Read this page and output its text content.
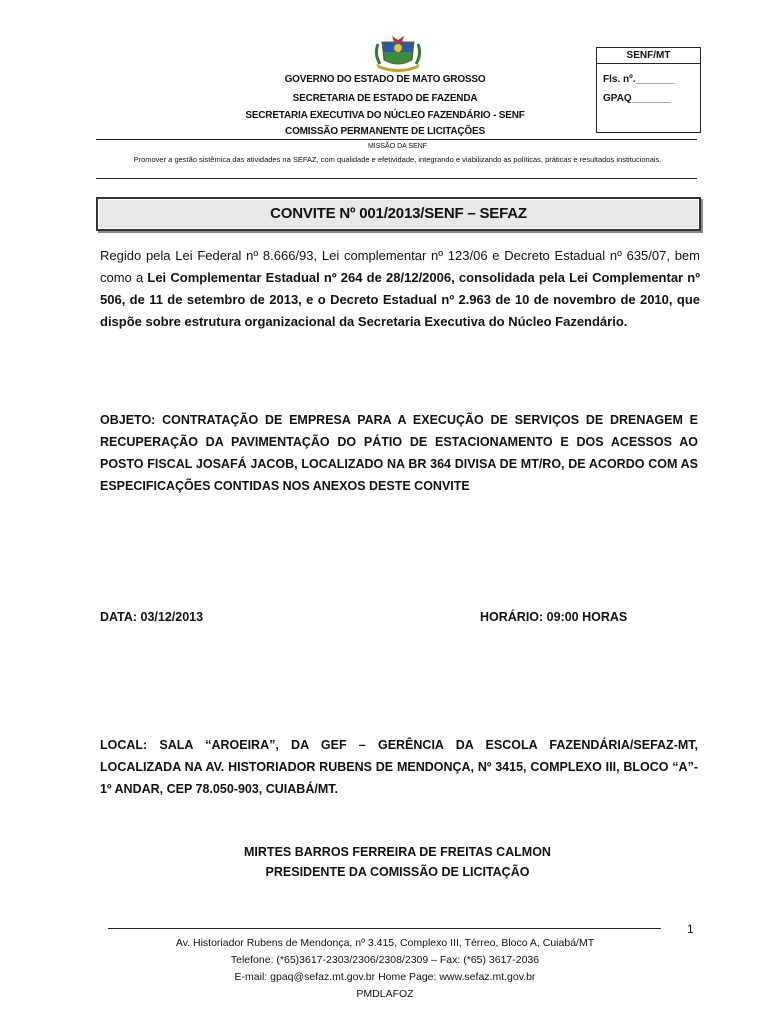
GOVERNO DO ESTADO DE MATO GROSSO
SECRETARIA DE ESTADO DE FAZENDA
SECRETARIA EXECUTIVA DO NÚCLEO FAZENDÁRIO - SENF
COMISSÃO PERMANENTE DE LICITAÇÕES
SENF/MT
Fls. nº._______
GPAQ_______
MISSÃO DA SENF
Promover a gestão sistêmica das atividades na SEFAZ, com qualidade e efetividade, integrando e viabilizando as políticas, práticas e resultados institucionais.
CONVITE Nº 001/2013/SENF – SEFAZ
Regido pela Lei Federal nº 8.666/93, Lei complementar nº 123/06 e Decreto Estadual nº 635/07, bem como a Lei Complementar Estadual nº 264 de 28/12/2006, consolidada pela Lei Complementar nº 506, de 11 de setembro de 2013, e o Decreto Estadual nº 2.963 de 10 de novembro de 2010, que dispõe sobre estrutura organizacional da Secretaria Executiva do Núcleo Fazendário.
OBJETO: CONTRATAÇÃO DE EMPRESA PARA A EXECUÇÃO DE SERVIÇOS DE DRENAGEM E RECUPERAÇÃO DA PAVIMENTAÇÃO DO PÁTIO DE ESTACIONAMENTO E DOS ACESSOS AO POSTO FISCAL JOSAFÁ JACOB, LOCALIZADO NA BR 364 DIVISA DE MT/RO, DE ACORDO COM AS ESPECIFICAÇÕES CONTIDAS NOS ANEXOS DESTE CONVITE
DATA: 03/12/2013	HORÁRIO: 09:00 HORAS
LOCAL: SALA “AROEIRA”, DA GEF – GERÊNCIA DA ESCOLA FAZENDÁRIA/SEFAZ-MT, LOCALIZADA NA AV. HISTORIADOR RUBENS DE MENDONÇA, Nº 3415, COMPLEXO III, BLOCO “A”- 1º ANDAR, CEP 78.050-903, CUIABÁ/MT.
MIRTES BARROS FERREIRA DE FREITAS CALMON
PRESIDENTE DA COMISSÃO DE LICITAÇÃO
1
Av. Historiador Rubens de Mendonça, nº 3.415, Complexo III, Térreo, Bloco A, Cuiabá/MT
Telefone: (*65)3617-2303/2306/2308/2309 – Fax: (*65) 3617-2036
E-mail: gpaq@sefaz.mt.gov.br Home Page: www.sefaz.mt.gov.br
PMDLAFOZ
